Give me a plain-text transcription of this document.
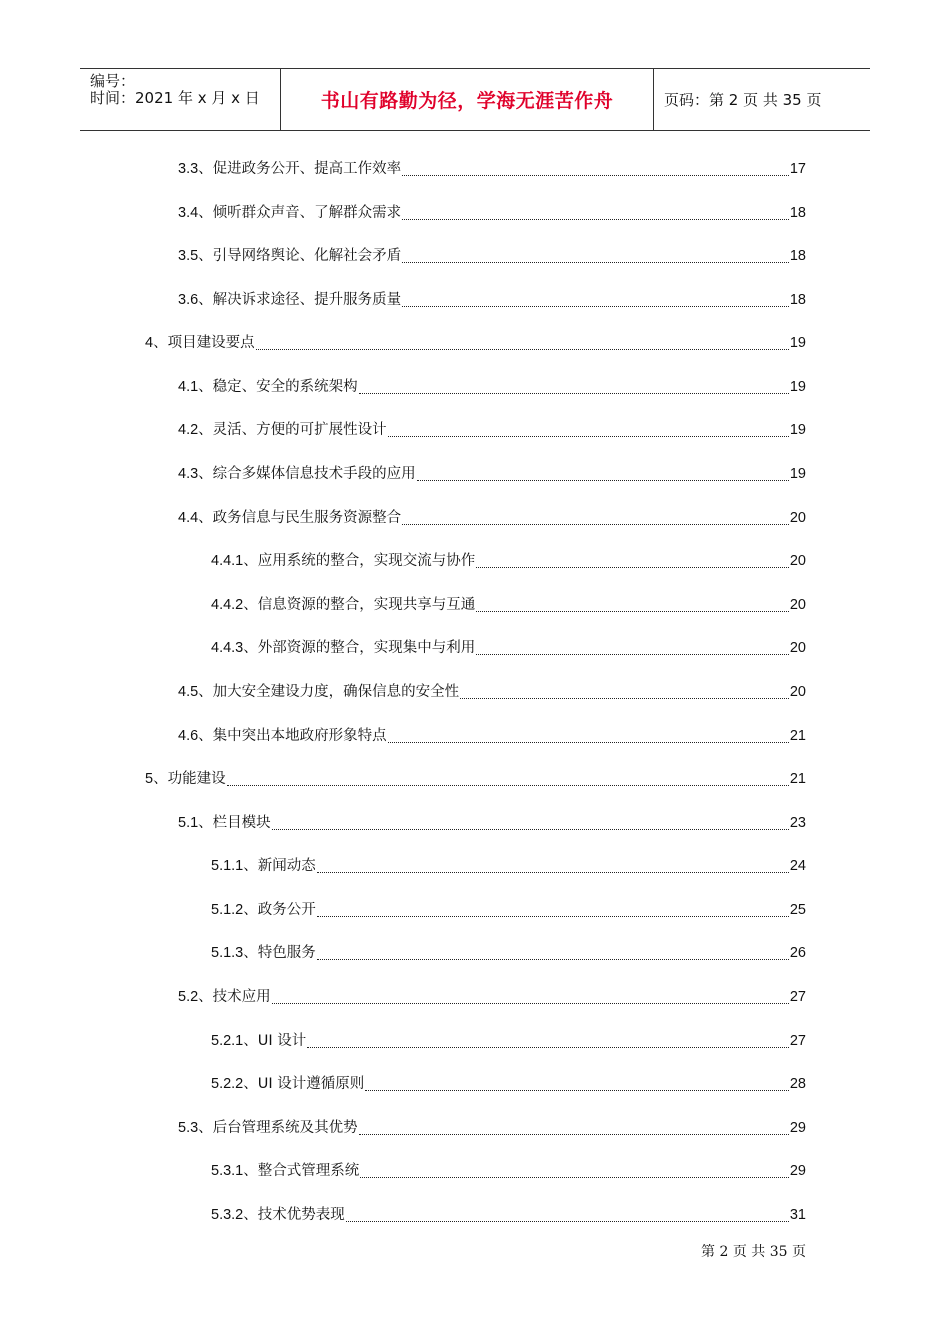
编号：
时间：2021 年 x 月 x 日	书山有路勤为径，学海无涯苦作舟	页码：第 2 页 共 35 页
3.3 、 促进政务公开、提高工作效率	17
3.4 、 倾听群众声音、了解群众需求	18
3.5 、 引导网络舆论、化解社会矛盾	18
3.6 、 解决诉求途径、提升服务质量	18
4 、 项目建设要点	19
4.1 、 稳定、安全的系统架构	19
4.2 、 灵活、方便的可扩展性设计	19
4.3 、 综合多媒体信息技术手段的应用	19
4.4 、 政务信息与民生服务资源整合	20
4.4.1 、 应用系统的整合，实现交流与协作	20
4.4.2 、 信息资源的整合，实现共享与互通	20
4.4.3 、 外部资源的整合，实现集中与利用	20
4.5 、 加大安全建设力度，确保信息的安全性	20
4.6 、 集中突出本地政府形象特点	21
5 、 功能建设	21
5.1 、 栏目模块	23
5.1.1 、 新闻动态	24
5.1.2 、 政务公开	25
5.1.3 、 特色服务	26
5.2 、 技术应用	27
5.2.1 、 UI 设计	27
5.2.2 、 UI 设计遵循原则	28
5.3 、 后台管理系统及其优势	29
5.3.1 、 整合式管理系统	29
5.3.2 、 技术优势表现	31
第 2 页 共 35 页
